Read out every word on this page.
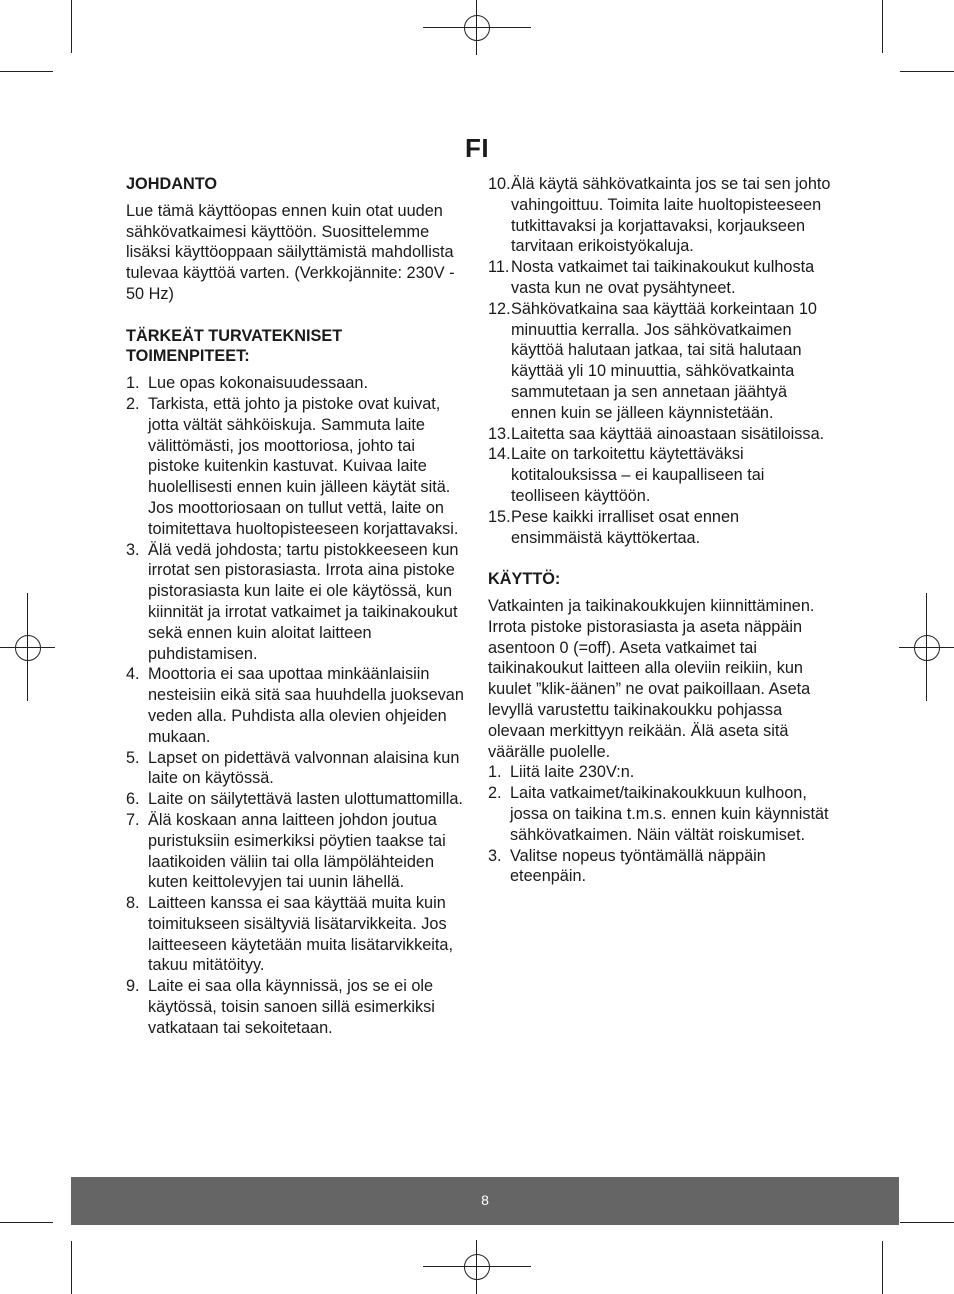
FI
JOHDANTO

Lue tämä käyttöopas ennen kuin otat uuden sähkövatkaimesi käyttöön. Suosittelemme lisäksi käyttöoppaan säilyttämistä mahdollista tulevaa käyttöä varten. (Verkkojännite: 230V - 50 Hz)

TÄRKEÄT TURVATEKNISET
TOIMENPITEET:
1. Lue opas kokonaisuudessaan.
2. Tarkista, että johto ja pistoke ovat kuivat, jotta vältät sähköiskuja. Sammuta laite välittömästi, jos moottoriosa, johto tai pistoke kuitenkin kastuvat. Kuivaa laite huolellisesti ennen kuin jälleen käytät sitä. Jos moottoriosaan on tullut vettä, laite on toimitettava huoltopisteeseen korjattavaksi.
3. Älä vedä johdosta; tartu pistokkeeseen kun irrotat sen pistorasiasta. Irrota aina pistoke pistorasiasta kun laite ei ole käytössä, kun kiinnität ja irrotat vatkaimet ja taikinakoukut sekä ennen kuin aloitat laitteen puhdistamisen.
4. Moottoria ei saa upottaa minkäänlaisiin nesteisiin eikä sitä saa huuhdella juoksevan veden alla. Puhdista alla olevien ohjeiden mukaan.
5. Lapset on pidettävä valvonnan alaisina kun laite on käytössä.
6. Laite on säilytettävä lasten ulottumattomilla.
7. Älä koskaan anna laitteen johdon joutua puristuksiin esimerkiksi pöytien taakse tai laatikoiden väliin tai olla lämpölähteiden kuten keittolevyjen tai uunin lähellä.
8. Laitteen kanssa ei saa käyttää muita kuin toimitukseen sisältyviä lisätarvikkeita. Jos laitteeseen käytetään muita lisätarvikkeita, takuu mitätöityy.
9. Laite ei saa olla käynnissä, jos se ei ole käytössä, toisin sanoen sillä esimerkiksi vatkataan tai sekoitetaan.
10. Älä käytä sähkövatkainta jos se tai sen johto vahingoittuu. Toimita laite huoltopisteeseen tutkittavaksi ja korjattavaksi, korjaukseen tarvitaan erikoistyökaluja.
11. Nosta vatkaimet tai taikinakoukut kulhosta vasta kun ne ovat pysähtyneet.
12. Sähkövatkaina saa käyttää korkeintaan 10 minuuttia kerralla. Jos sähkövatkaimen käyttöä halutaan jatkaa, tai sitä halutaan käyttää yli 10 minuuttia, sähkövatkainta sammutetaan ja sen annetaan jäähtyä ennen kuin se jälleen käynnistetään.
13. Laitetta saa käyttää ainoastaan sisätiloissa.
14. Laite on tarkoitettu käytettäväksi kotitalouksissa – ei kaupalliseen tai teolliseen käyttöön.
15. Pese kaikki irralliset osat ennen ensimmäistä käyttökertaa.
KÄYTTÖ:

Vatkainten ja taikinakoukkujen kiinnittäminen.

Irrota pistoke pistorasiasta ja aseta näppäin asentoon 0 (=off). Aseta vatkaimet tai taikinakoukut laitteen alla oleviin reikiin, kun kuulet ”klik-äänen” ne ovat paikoillaan. Aseta levyllä varustettu taikinakoukku pohjassa olevaan merkittyyn reikään. Älä aseta sitä väärälle puolelle.

1. Liitä laite 230V:n.
2. Laita vatkaimet/taikinakoukkuun kulhoon, jossa on taikina t.m.s. ennen kuin käynnistät sähkövatkaimen. Näin vältät roiskumiset.
3. Valitse nopeus työntämällä näppäin eteenpäin.
8
